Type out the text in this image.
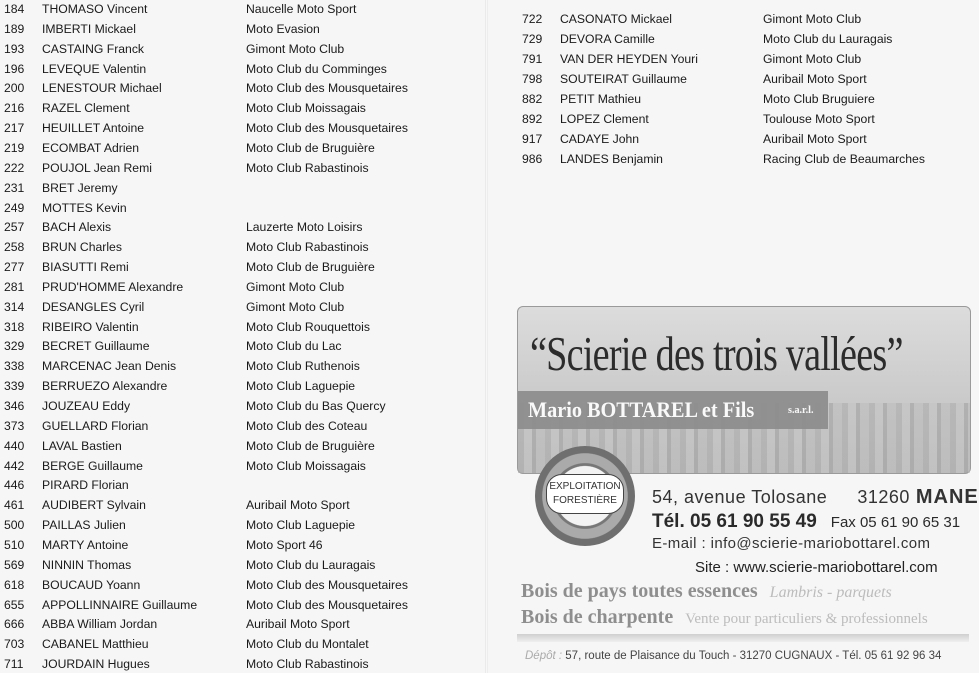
184 THOMASO Vincent	Naucelle Moto Sport
189 IMBERTI Mickael	Moto Evasion
193 CASTAING Franck	Gimont Moto Club
196 LEVEQUE Valentin	Moto Club du Comminges
200 LENESTOUR Michael	Moto Club des Mousquetaires
216 RAZEL Clement	Moto Club Moissagais
217 HEUILLET Antoine	Moto Club des Mousquetaires
219 ECOMBAT Adrien	Moto Club de Bruguière
222 POUJOL Jean Remi	Moto Club Rabastinois
231 BRET Jeremy
249 MOTTES Kevin
257 BACH Alexis	Lauzerte Moto Loisirs
258 BRUN Charles	Moto Club Rabastinois
277 BIASUTTI Remi	Moto Club de Bruguière
281 PRUD'HOMME Alexandre	Gimont Moto Club
314 DESANGLES Cyril	Gimont Moto Club
318 RIBEIRO Valentin	Moto Club Rouquettois
329 BECRET Guillaume	Moto Club du Lac
338 MARCENAC Jean Denis	Moto Club Ruthenois
339 BERRUEZO Alexandre	Moto Club Laguepie
346 JOUZEAU Eddy	Moto Club du Bas Quercy
373 GUELLARD Florian	Moto Club des Coteau
440 LAVAL Bastien	Moto Club de Bruguière
442 BERGE Guillaume	Moto Club Moissagais
446 PIRARD Florian
461 AUDIBERT Sylvain	Auribail Moto Sport
500 PAILLAS Julien	Moto Club Laguepie
510 MARTY Antoine	Moto Sport 46
569 NINNIN Thomas	Moto Club du Lauragais
618 BOUCAUD Yoann	Moto Club des Mousquetaires
655 APPOLLINNAIRE Guillaume	Moto Club des Mousquetaires
666 ABBA William Jordan	Auribail Moto Sport
703 CABANEL Matthieu	Moto Club du Montalet
711 JOURDAIN Hugues	Moto Club Rabastinois
722 CASONATO Mickael	Gimont Moto Club
729 DEVORA Camille	Moto Club du Lauragais
791 VAN DER HEYDEN Youri	Gimont Moto Club
798 SOUTEIRAT Guillaume	Auribail Moto Sport
882 PETIT Mathieu	Moto Club Bruguiere
892 LOPEZ Clement	Toulouse Moto Sport
917 CADAYE John	Auribail Moto Sport
986 LANDES Benjamin	Racing Club de Beaumarches
“Scierie des trois vallées”
Mario BOTTAREL et Fils	s.a.r.l.
EXPLOITATION
FORESTIÈRE	54, avenue Tolosane 31260 MANE
Tél. 05 61 90 55 49 Fax 05 61 90 65 31
E-mail : info@scierie-mariobottarel.com
Site : www.scierie-mariobottarel.com
Bois de pays toutes essences Lambris - parquets
Bois de charpente Vente pour particuliers & professionnels
Dépôt : 57, route de Plaisance du Touch - 31270 CUGNAUX - Tél. 05 61 92 96 34
